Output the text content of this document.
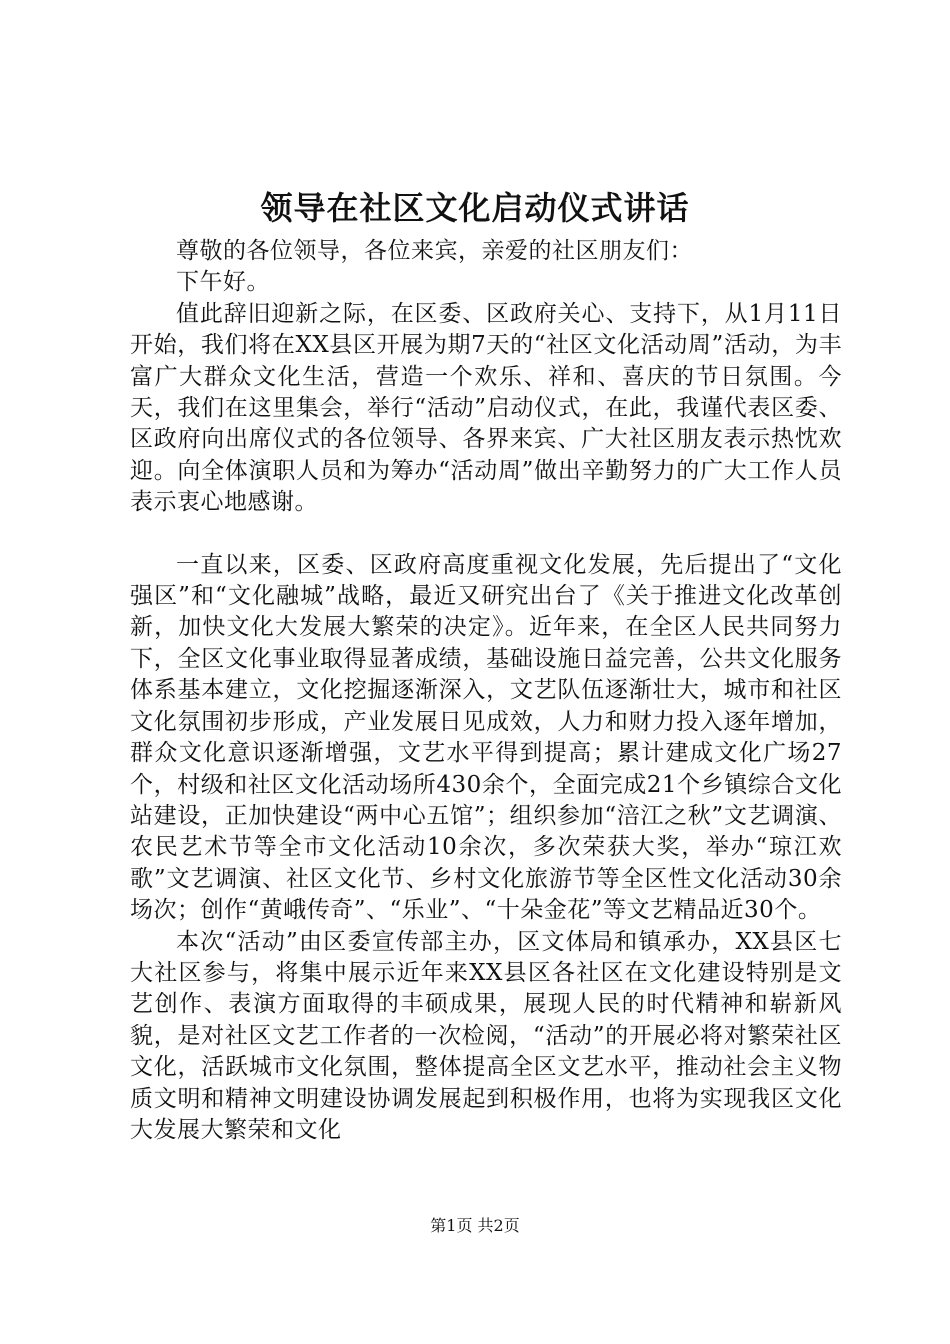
领导在社区文化启动仪式讲话

尊敬的各位领导，各位来宾，亲爱的社区朋友们：

下午好。

值此辞旧迎新之际，在区委、区政府关心、支持下，从1月11日开始，我们将在XX县区开展为期7天的“社区文化活动周”活动，为丰富广大群众文化生活，营造一个欢乐、祥和、喜庆的节日氛围。今天，我们在这里集会，举行“活动”启动仪式，在此，我谨代表区委、区政府向出席仪式的各位领导、各界来宾、广大社区朋友表示热忱欢迎。向全体演职人员和为筹办“活动周”做出辛勤努力的广大工作人员表示衷心地感谢。

一直以来，区委、区政府高度重视文化发展，先后提出了“文化强区”和“文化融城”战略，最近又研究出台了《关于推进文化改革创新，加快文化大发展大繁荣的决定》。近年来，在全区人民共同努力下，全区文化事业取得显著成绩，基础设施日益完善，公共文化服务体系基本建立，文化挖掘逐渐深入，文艺队伍逐渐壮大，城市和社区文化氛围初步形成，产业发展日见成效，人力和财力投入逐年增加，群众文化意识逐渐增强，文艺水平得到提高；累计建成文化广场27个，村级和社区文化活动场所430余个，全面完成21个乡镇综合文化站建设，正加快建设“两中心五馆”；组织参加“涪江之秋”文艺调演、农民艺术节等全市文化活动10余次，多次荣获大奖，举办“琼江欢歌”文艺调演、社区文化节、乡村文化旅游节等全区性文化活动30余场次；创作“黄峨传奇”、“乐业”、“十朵金花”等文艺精品近30个。

本次“活动”由区委宣传部主办，区文体局和镇承办，XX县区七大社区参与，将集中展示近年来XX县区各社区在文化建设特别是文艺创作、表演方面取得的丰硕成果，展现人民的时代精神和崭新风貌，是对社区文艺工作者的一次检阅，“活动”的开展必将对繁荣社区文化，活跃城市文化氛围，整体提高全区文艺水平，推动社会主义物质文明和精神文明建设协调发展起到积极作用，也将为实现我区文化大发展大繁荣和文化

第1页 共2页
